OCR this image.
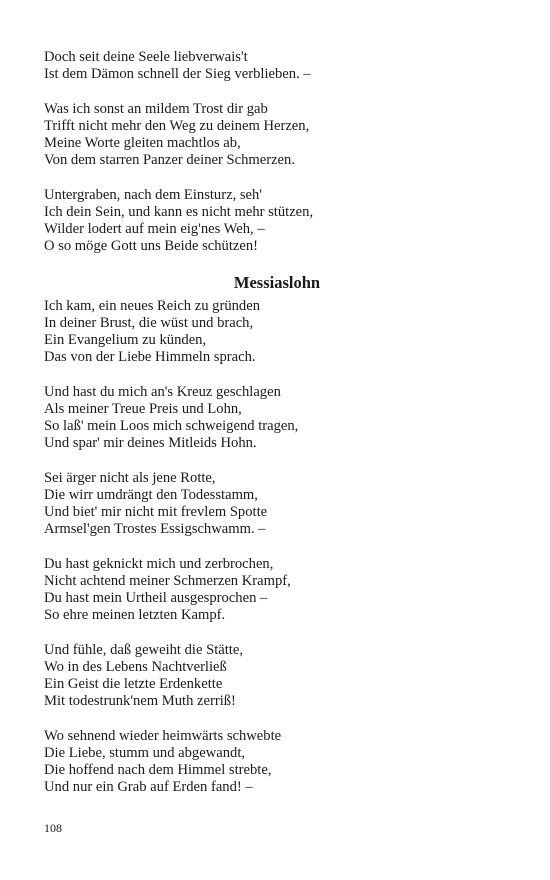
Doch seit deine Seele liebverwais't
Ist dem Dämon schnell der Sieg verblieben. –
Was ich sonst an mildem Trost dir gab
Trifft nicht mehr den Weg zu deinem Herzen,
Meine Worte gleiten machtlos ab,
Von dem starren Panzer deiner Schmerzen.
Untergraben, nach dem Einsturz, seh'
Ich dein Sein, und kann es nicht mehr stützen,
Wilder lodert auf mein eig'nes Weh, –
O so möge Gott uns Beide schützen!
Messiaslohn
Ich kam, ein neues Reich zu gründen
In deiner Brust, die wüst und brach,
Ein Evangelium zu künden,
Das von der Liebe Himmeln sprach.
Und hast du mich an's Kreuz geschlagen
Als meiner Treue Preis und Lohn,
So laß' mein Loos mich schweigend tragen,
Und spar' mir deines Mitleids Hohn.
Sei ärger nicht als jene Rotte,
Die wirr umdrängt den Todesstamm,
Und biet' mir nicht mit frevlem Spotte
Armsel'gen Trostes Essigschwamm. –
Du hast geknickt mich und zerbrochen,
Nicht achtend meiner Schmerzen Krampf,
Du hast mein Urtheil ausgesprochen –
So ehre meinen letzten Kampf.
Und fühle, daß geweiht die Stätte,
Wo in des Lebens Nachtverließ
Ein Geist die letzte Erdenkette
Mit todestrunk'nem Muth zerriß!
Wo sehnend wieder heimwärts schwebte
Die Liebe, stumm und abgewandt,
Die hoffend nach dem Himmel strebte,
Und nur ein Grab auf Erden fand! –
108
